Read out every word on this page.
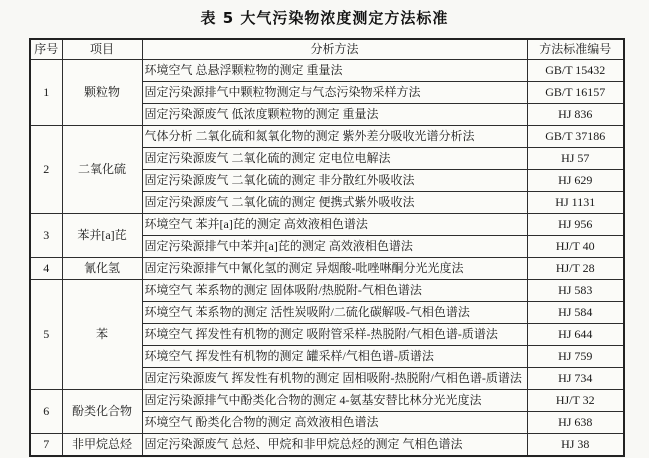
表 5 大气污染物浓度测定方法标准
序号	项目	分析方法	方法标准编号
1	颗粒物	环境空气 总悬浮颗粒物的测定 重量法	GB/T 15432
		固定污染源排气中颗粒物测定与气态污染物采样方法	GB/T 16157
		固定污染源废气 低浓度颗粒物的测定 重量法	HJ 836
2	二氧化硫	气体分析 二氧化硫和氮氧化物的测定 紫外差分吸收光谱分析法	GB/T 37186
		固定污染源废气 二氧化硫的测定 定电位电解法	HJ 57
		固定污染源废气 二氧化硫的测定 非分散红外吸收法	HJ 629
		固定污染源废气 二氧化硫的测定 便携式紫外吸收法	HJ 1131
3	苯并[a]芘	环境空气 苯并[a]芘的测定 高效液相色谱法	HJ 956
		固定污染源排气中苯并[a]芘的测定 高效液相色谱法	HJ/T 40
4	氰化氢	固定污染源排气中氰化氢的测定 异烟酸-吡唑啉酮分光光度法	HJ/T 28
5	苯	环境空气 苯系物的测定 固体吸附/热脱附-气相色谱法	HJ 583
		环境空气 苯系物的测定 活性炭吸附/二硫化碳解吸-气相色谱法	HJ 584
		环境空气 挥发性有机物的测定 吸附管采样-热脱附/气相色谱-质谱法	HJ 644
		环境空气 挥发性有机物的测定 罐采样/气相色谱-质谱法	HJ 759
		固定污染源废气 挥发性有机物的测定 固相吸附-热脱附/气相色谱-质谱法	HJ 734
6	酚类化合物	固定污染源排气中酚类化合物的测定 4-氨基安替比林分光光度法	HJ/T 32
		环境空气 酚类化合物的测定 高效液相色谱法	HJ 638
7	非甲烷总烃	固定污染源废气 总烃、甲烷和非甲烷总烃的测定 气相色谱法	HJ 38
